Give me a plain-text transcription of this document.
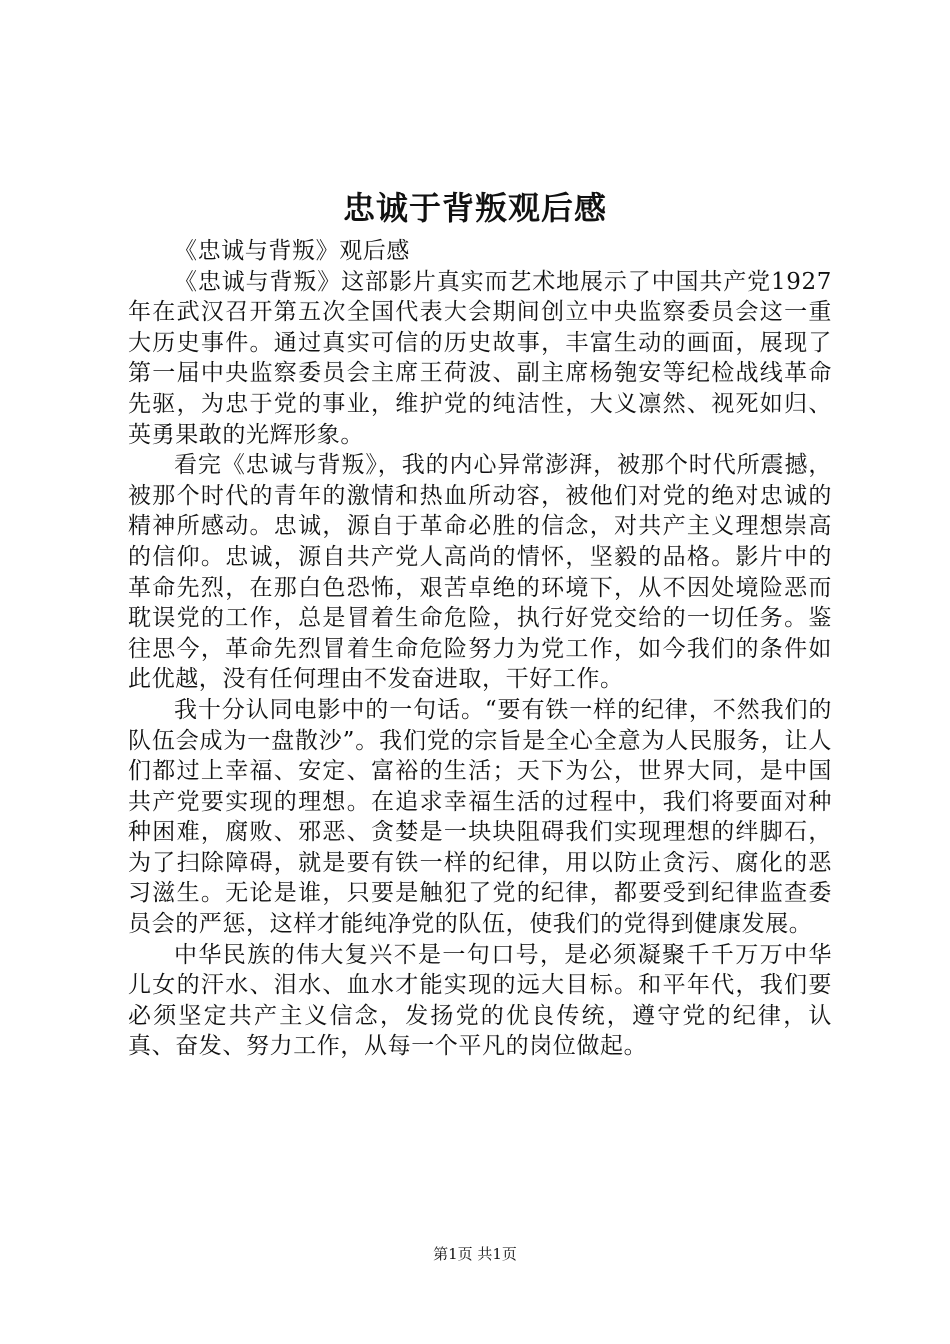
忠诚于背叛观后感

《忠诚与背叛》观后感

《忠诚与背叛》这部影片真实而艺术地展示了中国共产党1927年在武汉召开第五次全国代表大会期间创立中央监察委员会这一重大历史事件。通过真实可信的历史故事，丰富生动的画面，展现了第一届中央监察委员会主席王荷波、副主席杨匏安等纪检战线革命先驱，为忠于党的事业，维护党的纯洁性，大义凛然、视死如归、英勇果敢的光辉形象。

看完《忠诚与背叛》，我的内心异常澎湃，被那个时代所震撼，被那个时代的青年的激情和热血所动容，被他们对党的绝对忠诚的精神所感动。忠诚，源自于革命必胜的信念，对共产主义理想崇高的信仰。忠诚，源自共产党人高尚的情怀，坚毅的品格。影片中的革命先烈，在那白色恐怖，艰苦卓绝的环境下，从不因处境险恶而耽误党的工作，总是冒着生命危险，执行好党交给的一切任务。鉴往思今，革命先烈冒着生命危险努力为党工作，如今我们的条件如此优越，没有任何理由不发奋进取，干好工作。

我十分认同电影中的一句话。“要有铁一样的纪律，不然我们的队伍会成为一盘散沙”。我们党的宗旨是全心全意为人民服务，让人们都过上幸福、安定、富裕的生活；天下为公，世界大同，是中国共产党要实现的理想。在追求幸福生活的过程中，我们将要面对种种困难，腐败、邪恶、贪婪是一块块阻碍我们实现理想的绊脚石，为了扫除障碍，就是要有铁一样的纪律，用以防止贪污、腐化的恶习滋生。无论是谁，只要是触犯了党的纪律，都要受到纪律监查委员会的严惩，这样才能纯净党的队伍，使我们的党得到健康发展。

中华民族的伟大复兴不是一句口号，是必须凝聚千千万万中华儿女的汗水、泪水、血水才能实现的远大目标。和平年代，我们要必须坚定共产主义信念，发扬党的优良传统，遵守党的纪律，认真、奋发、努力工作，从每一个平凡的岗位做起。

第1页 共1页
